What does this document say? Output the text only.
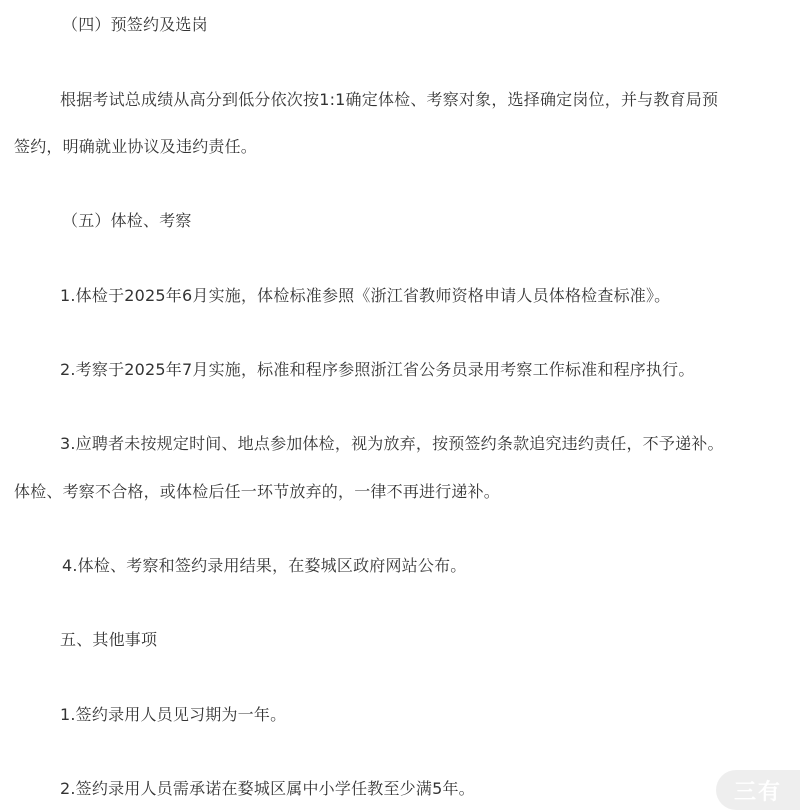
（四）预签约及选岗
根据考试总成绩从高分到低分依次按1:1确定体检、考察对象，选择确定岗位，并与教育局预
签约，明确就业协议及违约责任。
（五）体检、考察
1.体检于2025年6月实施，体检标准参照《浙江省教师资格申请人员体格检查标准》。
2.考察于2025年7月实施，标准和程序参照浙江省公务员录用考察工作标准和程序执行。
3.应聘者未按规定时间、地点参加体检，视为放弃，按预签约条款追究违约责任，不予递补。
体检、考察不合格，或体检后任一环节放弃的，一律不再进行递补。
4.体检、考察和签约录用结果，在婺城区政府网站公布。
五、其他事项
1.签约录用人员见习期为一年。
2.签约录用人员需承诺在婺城区属中小学任教至少满5年。	三有
